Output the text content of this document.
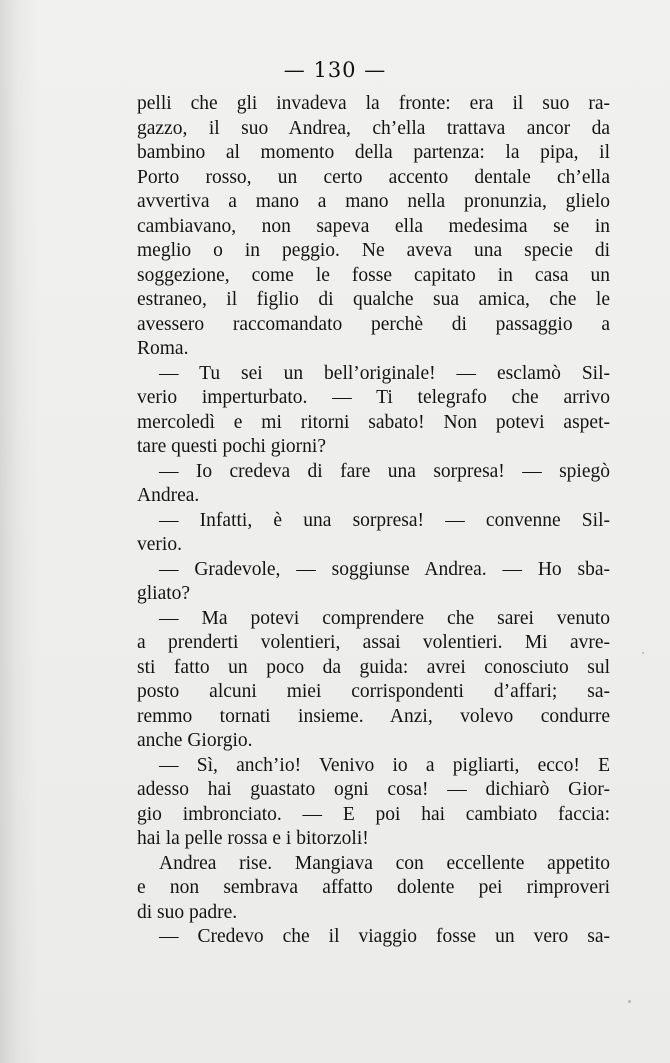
— 130 —
pelli che gli invadeva la fronte: era il suo ra-
gazzo, il suo Andrea, ch’ella trattava ancor da
bambino al momento della partenza: la pipa, il
Porto rosso, un certo accento dentale ch’ella
avvertiva a mano a mano nella pronunzia, glielo
cambiavano, non sapeva ella medesima se in
meglio o in peggio. Ne aveva una specie di
soggezione, come le fosse capitato in casa un
estraneo, il figlio di qualche sua amica, che le
avessero raccomandato perchè di passaggio a
Roma.
— Tu sei un bell’originale! — esclamò Sil-
verio imperturbato. — Ti telegrafo che arrivo
mercoledì e mi ritorni sabato! Non potevi aspet-
tare questi pochi giorni?
— Io credeva di fare una sorpresa! — spiegò
Andrea.
— Infatti, è una sorpresa! — convenne Sil-
verio.
— Gradevole, — soggiunse Andrea. — Ho sba-
gliato?
— Ma potevi comprendere che sarei venuto
a prenderti volentieri, assai volentieri. Mi avre-
sti fatto un poco da guida: avrei conosciuto sul
posto alcuni miei corrispondenti d’affari; sa-
remmo tornati insieme. Anzi, volevo condurre
anche Giorgio.
— Sì, anch’io! Venivo io a pigliarti, ecco! E
adesso hai guastato ogni cosa! — dichiarò Gior-
gio imbronciato. — E poi hai cambiato faccia:
hai la pelle rossa e i bitorzoli!
Andrea rise. Mangiava con eccellente appetito
e non sembrava affatto dolente pei rimproveri
di suo padre.
— Credevo che il viaggio fosse un vero sa-
